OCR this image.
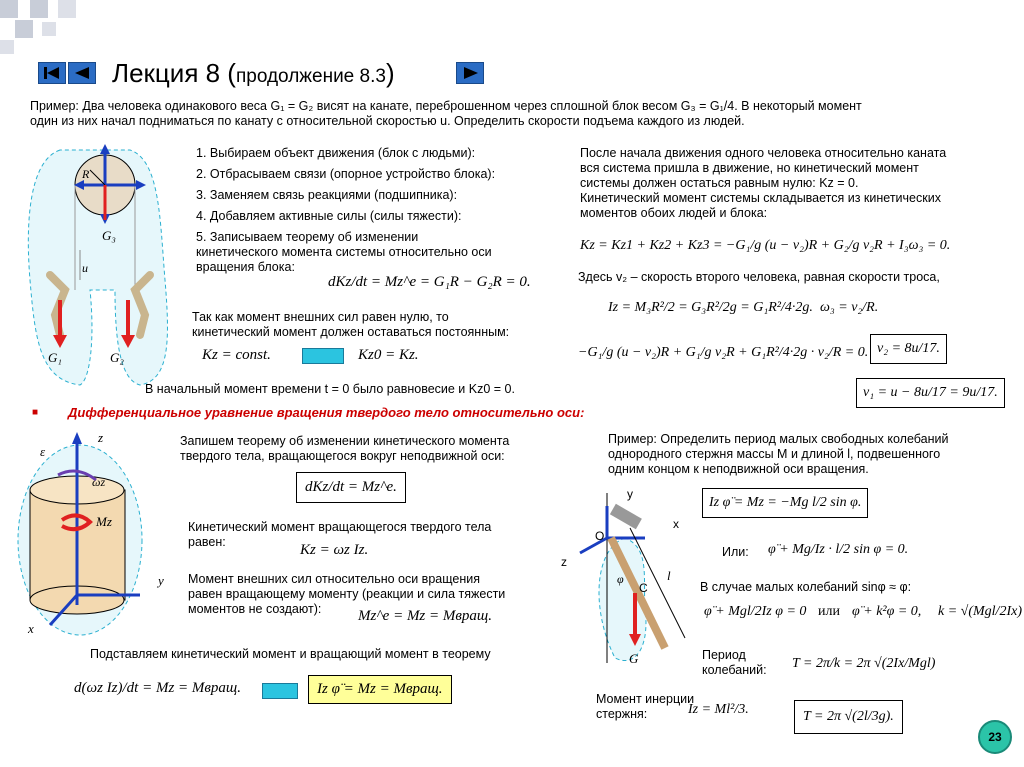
Лекция 8 (продолжение 8.3)
Пример: Два человека одинакового веса G₁ = G₂ висят на канате, переброшенном через сплошной блок весом G₃ = G₁/4. В некоторый момент
один из них начал подниматься по канату с относительной скоростью u. Определить скорости подъема каждого из людей.
R
G₃
u
G₁	G₂
1. Выбираем объект движения (блок с людьми):
2. Отбрасываем связи (опорное устройство блока):
3. Заменяем связь реакциями (подшипника):
4. Добавляем активные силы (силы тяжести):
5. Записываем теорему об изменении
кинетического момента системы относительно оси
вращения блока:
dKz/dt = Mz^e = G₁R − G₂R = 0.
Так как момент внешних сил равен нулю, то
кинетический момент должен оставаться постоянным:
Kz = const.	Kz0 = Kz.
В начальный момент времени t = 0 было равновесие и Kz0 = 0.
После начала движения одного человека относительно каната
вся система пришла в движение, но кинетический момент
системы должен остаться равным нулю: Kz = 0.
Кинетический момент системы складывается из кинетических
моментов обоих людей и блока:
Kz = Kz1 + Kz2 + Kz3 = −G₁/g (u − v₂)R + G₂/g v₂R + I₃ω₃ = 0.
Здесь v₂ – скорость второго человека, равная скорости троса,
Iz = M₃R²/2 = G₃R²/2g = G₁R²/4·2g. ω₃ = v₂/R.
−G₁/g (u − v₂)R + G₁/g v₂R + G₁R²/4·2g · v₂/R = 0. v₂ = 8u/17.
v₁ = u − 8u/17 = 9u/17.
■ Дифференциальное уравнение вращения твердого тело относительно оси:
z
ε
ωz
Mz
y
x
Запишем теорему об изменении кинетического момента
твердого тела, вращающегося вокруг неподвижной оси:
dKz/dt = Mz^e.
Кинетический момент вращающегося твердого тела
равен:	Kz = ωz Iz.
Момент внешних сил относительно оси вращения
равен вращающему моменту (реакции и сила тяжести
моментов не создают):	Mz^e = Mz = Mвращ.
Подставляем кинетический момент и вращающий момент в теорему
d(ωz Iz)/dt = Mz = Mвращ.	Iz φ̈ = Mz = Mвращ.
Пример: Определить период малых свободных колебаний
однородного стержня массы M и длиной l, подвешенного
одним концом к неподвижной оси вращения.
y
O
x
z
φ
C
l
G
Iz φ̈ = Mz = −Mg l/2 sin φ.
Или: φ̈ + Mg/Iz · l/2 sin φ = 0.
В случае малых колебаний sinφ ≈ φ:
φ̈ + Mgl/2Iz φ = 0 или φ̈ + k²φ = 0, k = √(Mgl/2Ix)
Период
колебаний: T = 2π/k = 2π √(2Ix/Mgl)
Момент инерции
стержня:	Iz = Ml²/3.	T = 2π √(2l/3g).
23
